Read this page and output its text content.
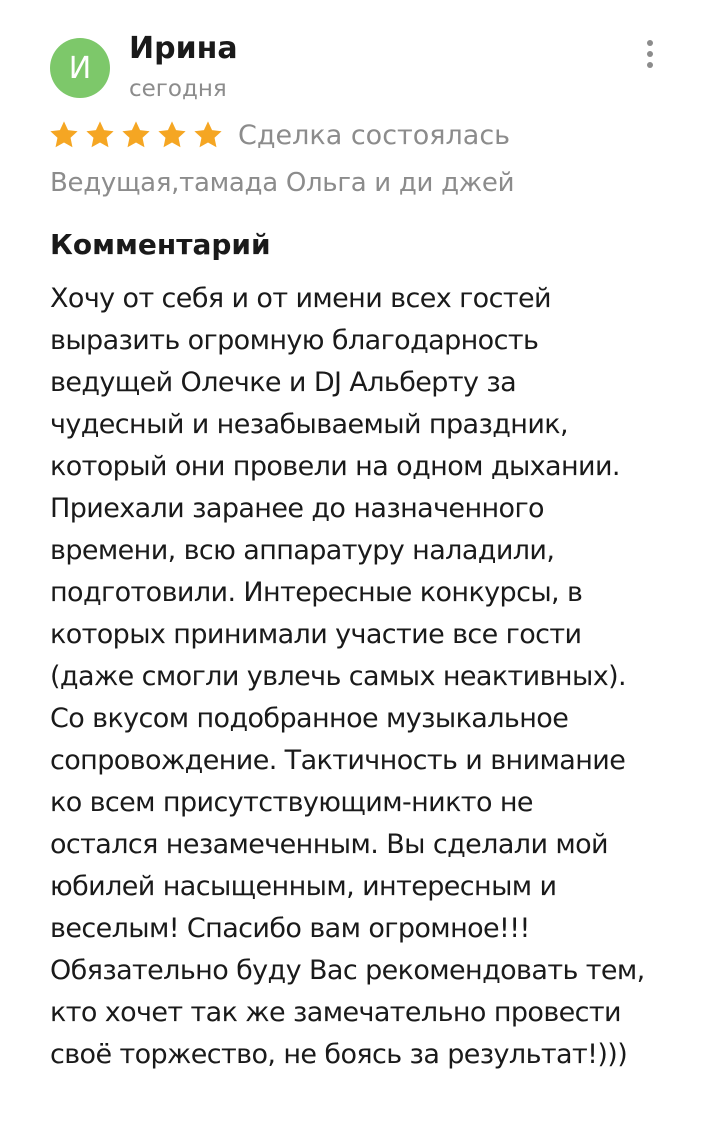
И
Ирина
сегодня
Сделка состоялась
Ведущая,тамада Ольга и ди джей
Комментарий
Хочу от себя и от имени всех гостей
выразить огромную благодарность
ведущей Олечке и DJ Альберту за
чудесный и незабываемый праздник,
который они провели на одном дыхании.
Приехали заранее до назначенного
времени, всю аппаратуру наладили,
подготовили. Интересные конкурсы, в
которых принимали участие все гости
(даже смогли увлечь самых неактивных).
Со вкусом подобранное музыкальное
сопровождение. Тактичность и внимание
ко всем присутствующим-никто не
остался незамеченным. Вы сделали мой
юбилей насыщенным, интересным и
веселым! Спасибо вам огромное!!!
Обязательно буду Вас рекомендовать тем,
кто хочет так же замечательно провести
своё торжество, не боясь за результат!)))
